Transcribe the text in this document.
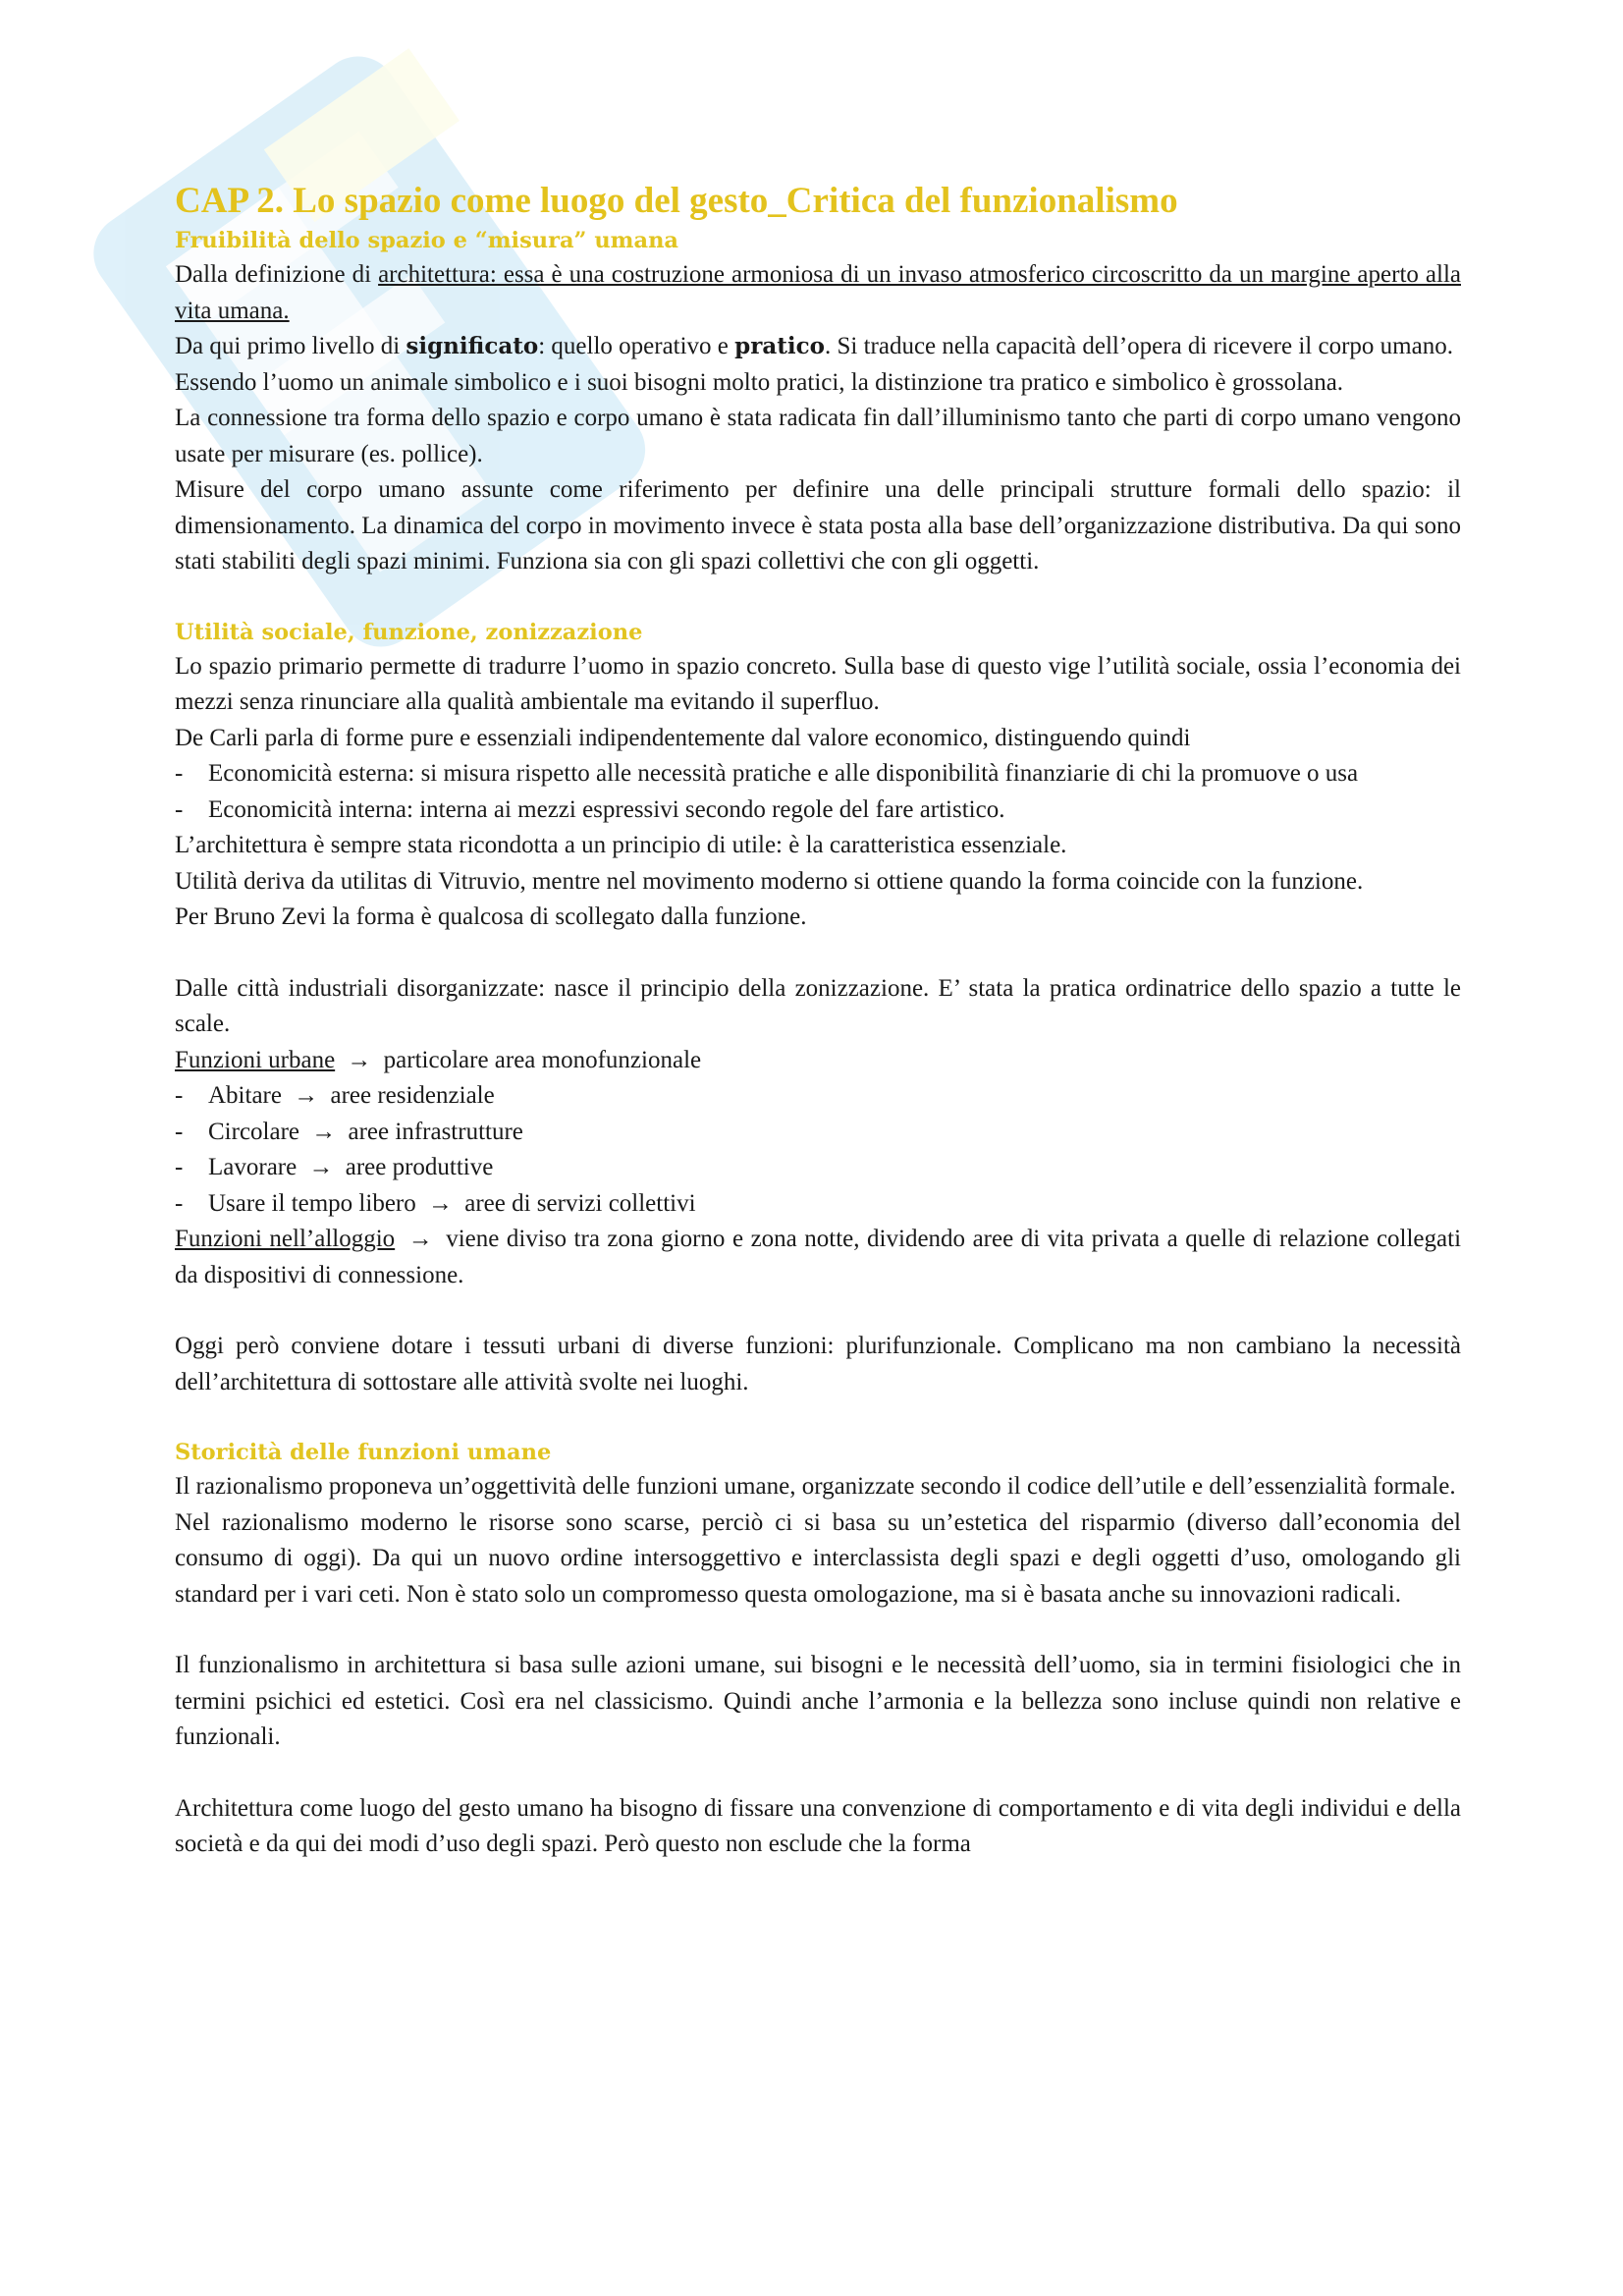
CAP 2. Lo spazio come luogo del gesto_Critica del funzionalismo
Fruibilità dello spazio e “misura” umana

Dalla definizione di architettura: essa è una costruzione armoniosa di un invaso atmosferico circoscritto da un margine aperto alla vita umana.

Da qui primo livello di significato: quello operativo e pratico. Si traduce nella capacità dell’opera di ricevere il corpo umano.

Essendo l’uomo un animale simbolico e i suoi bisogni molto pratici, la distinzione tra pratico e simbolico è grossolana.

La connessione tra forma dello spazio e corpo umano è stata radicata fin dall’illuminismo tanto che parti di corpo umano vengono usate per misurare (es. pollice).

Misure del corpo umano assunte come riferimento per definire una delle principali strutture formali dello spazio: il dimensionamento. La dinamica del corpo in movimento invece è stata posta alla base dell’organizzazione distributiva. Da qui sono stati stabiliti degli spazi minimi. Funziona sia con gli spazi collettivi che con gli oggetti.

Utilità sociale, funzione, zonizzazione

Lo spazio primario permette di tradurre l’uomo in spazio concreto. Sulla base di questo vige l’utilità sociale, ossia l’economia dei mezzi senza rinunciare alla qualità ambientale ma evitando il superfluo.

De Carli parla di forme pure e essenziali indipendentemente dal valore economico, distinguendo quindi

- Economicità esterna: si misura rispetto alle necessità pratiche e alle disponibilità finanziarie di chi la promuove o usa
- Economicità interna: interna ai mezzi espressivi secondo regole del fare artistico.

L’architettura è sempre stata ricondotta a un principio di utile: è la caratteristica essenziale.

Utilità deriva da utilitas di Vitruvio, mentre nel movimento moderno si ottiene quando la forma coincide con la funzione.

Per Bruno Zevi la forma è qualcosa di scollegato dalla funzione.

Dalle città industriali disorganizzate: nasce il principio della zonizzazione. E’ stata la pratica ordinatrice dello spazio a tutte le scale.

Funzioni urbane → particolare area monofunzionale

- Abitare → aree residenziale
- Circolare → aree infrastrutture
- Lavorare → aree produttive
- Usare il tempo libero → aree di servizi collettivi

Funzioni nell’alloggio → viene diviso tra zona giorno e zona notte, dividendo aree di vita privata a quelle di relazione collegati da dispositivi di connessione.

Oggi però conviene dotare i tessuti urbani di diverse funzioni: plurifunzionale. Complicano ma non cambiano la necessità dell’architettura di sottostare alle attività svolte nei luoghi.

Storicità delle funzioni umane

Il razionalismo proponeva un’oggettività delle funzioni umane, organizzate secondo il codice dell’utile e dell’essenzialità formale.

Nel razionalismo moderno le risorse sono scarse, perciò ci si basa su un’estetica del risparmio (diverso dall’economia del consumo di oggi). Da qui un nuovo ordine intersoggettivo e interclassista degli spazi e degli oggetti d’uso, omologando gli standard per i vari ceti. Non è stato solo un compromesso questa omologazione, ma si è basata anche su innovazioni radicali.

Il funzionalismo in architettura si basa sulle azioni umane, sui bisogni e le necessità dell’uomo, sia in termini fisiologici che in termini psichici ed estetici. Così era nel classicismo. Quindi anche l’armonia e la bellezza sono incluse quindi non relative e funzionali.

Architettura come luogo del gesto umano ha bisogno di fissare una convenzione di comportamento e di vita degli individui e della società e da qui dei modi d’uso degli spazi. Però questo non esclude che la forma
